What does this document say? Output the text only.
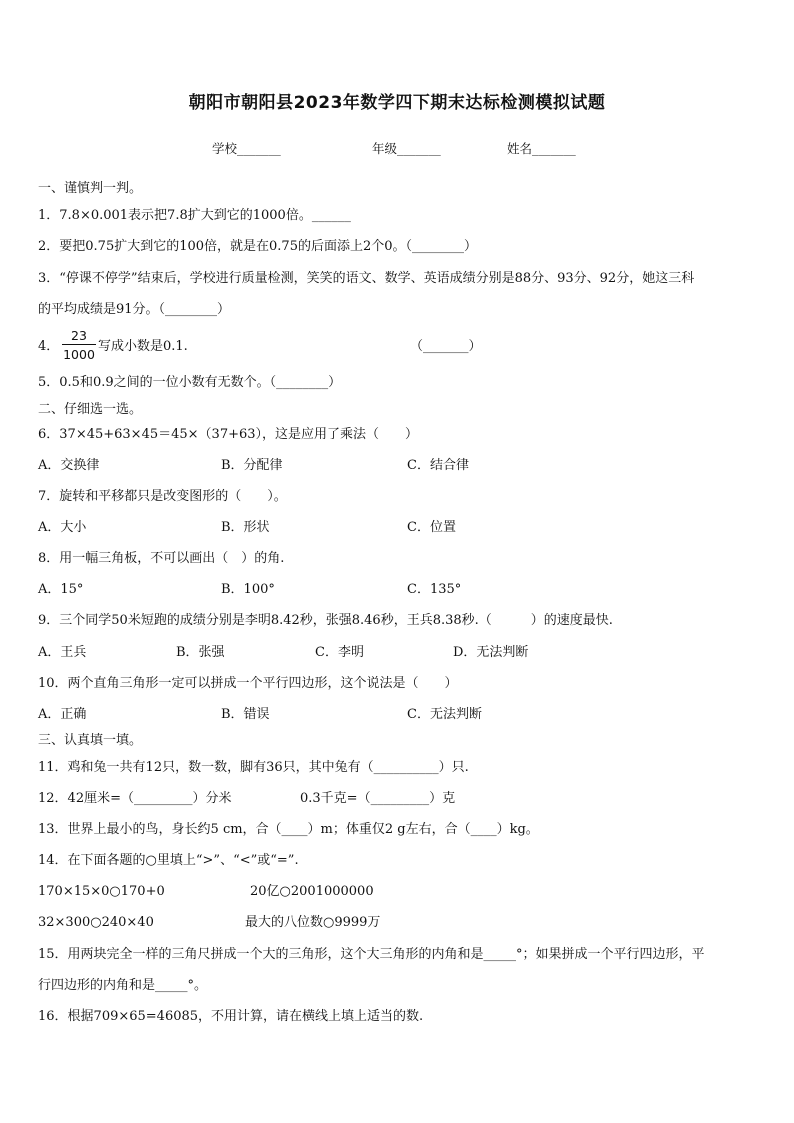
朝阳市朝阳县2023年数学四下期末达标检测模拟试题
学校_______	年级_______	姓名_______
一、谨慎判一判。
1．7.8×0.001表示把7.8扩大到它的1000倍。______
2．要把0.75扩大到它的100倍，就是在0.75的后面添上2个0。（________）
3．“停课不停学”结束后，学校进行质量检测，笑笑的语文、数学、英语成绩分别是88分、93分、92分，她这三科
的平均成绩是91分。（________）
4．
23
1000
写成小数是0.1.	（_______）
5．0.5和0.9之间的一位小数有无数个。（________）
二、仔细选一选。
6．37×45+63×45＝45×（37+63），这是应用了乘法（　　）
A．交换律	B．分配律	C．结合律
7．旋转和平移都只是改变图形的（　　）。
A．大小	B．形状	C．位置
8．用一幅三角板，不可以画出（　）的角.
A．15°	B．100°	C．135°
9．三个同学50米短跑的成绩分别是李明8.42秒，张强8.46秒，王兵8.38秒.（　　　）的速度最快.
A．王兵	B．张强	C．李明	D．无法判断
10．两个直角三角形一定可以拼成一个平行四边形，这个说法是（　　）
A．正确	B．错误	C．无法判断
三、认真填一填。
11．鸡和兔一共有12只，数一数，脚有36只，其中兔有（__________）只.
12．42厘米=（_________）分米	0.3千克=（_________）克
13．世界上最小的鸟，身长约5 cm，合（____）m；体重仅2 g左右，合（____）kg。
14．在下面各题的○里填上“>”、“<”或“=”.
170×15×0○170+0	20亿○2001000000
32×300○240×40	最大的八位数○9999万
15．用两块完全一样的三角尺拼成一个大的三角形，这个大三角形的内角和是_____°；如果拼成一个平行四边形，平
行四边形的内角和是_____°。
16．根据709×65=46085，不用计算，请在横线上填上适当的数.
